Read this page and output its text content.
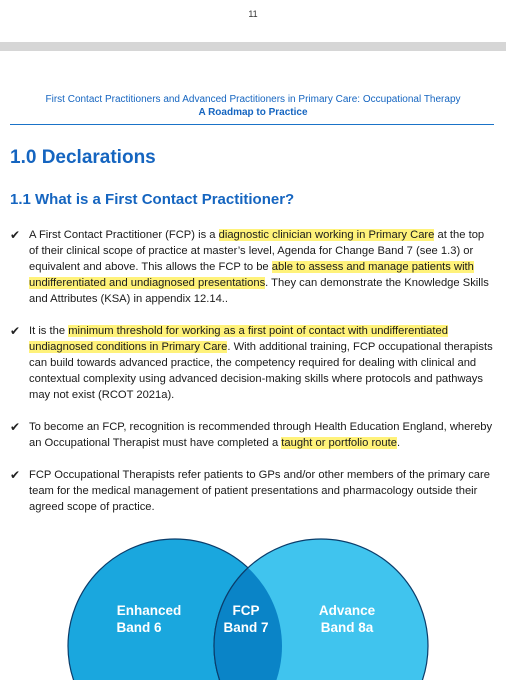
11
First Contact Practitioners and Advanced Practitioners in Primary Care: Occupational Therapy
A Roadmap to Practice
1.0 Declarations
1.1 What is a First Contact Practitioner?
✔ A First Contact Practitioner (FCP) is a diagnostic clinician working in Primary Care at the top of their clinical scope of practice at master’s level, Agenda for Change Band 7 (see 1.3) or equivalent and above. This allows the FCP to be able to assess and manage patients with undifferentiated and undiagnosed presentations. They can demonstrate the Knowledge Skills and Attributes (KSA) in appendix 12.14..
✔ It is the minimum threshold for working as a first point of contact with undifferentiated undiagnosed conditions in Primary Care. With additional training, FCP occupational therapists can build towards advanced practice, the competency required for dealing with clinical and contextual complexity using advanced decision-making skills where protocols and pathways may not exist (RCOT 2021a).
✔ To become an FCP, recognition is recommended through Health Education England, whereby an Occupational Therapist must have completed a taught or portfolio route.
✔ FCP Occupational Therapists refer patients to GPs and/or other members of the primary care team for the medical management of patient presentations and pharmacology outside their agreed scope of practice.
Enhanced
Band 6
FCP
Band 7
Advance
Band 8a
